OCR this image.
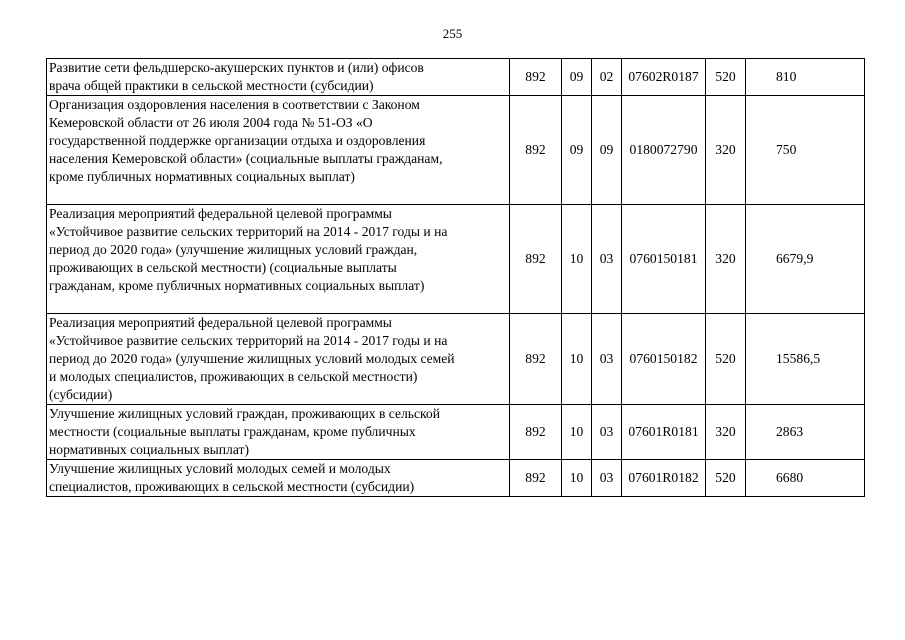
255
Развитие сети фельдшерско-акушерских пунктов и (или) офисов
врача общей практики в сельской местности (субсидии)	892	09	02	07602R0187	520	810

Организация оздоровления населения в соответствии с Законом
Кемеровской области от 26 июля 2004 года № 51-ОЗ «О
государственной поддержке организации отдыха и оздоровления
населения Кемеровской области» (социальные выплаты гражданам,
кроме публичных нормативных социальных выплат)	892	09	09	0180072790	320	750

Реализация мероприятий федеральной целевой программы
«Устойчивое развитие сельских территорий на 2014 - 2017 годы и на
период до 2020 года» (улучшение жилищных условий граждан,
проживающих в сельской местности) (социальные выплаты
гражданам, кроме публичных нормативных социальных выплат)	892	10	03	0760150181	320	6679,9

Реализация мероприятий федеральной целевой программы
«Устойчивое развитие сельских территорий на 2014 - 2017 годы и на
период до 2020 года» (улучшение жилищных условий молодых семей
и молодых специалистов, проживающих в сельской местности)
(субсидии)	892	10	03	0760150182	520	15586,5

Улучшение жилищных условий граждан, проживающих в сельской
местности (социальные выплаты гражданам, кроме публичных
нормативных социальных выплат)	892	10	03	07601R0181	320	2863

Улучшение жилищных условий молодых семей и молодых
специалистов, проживающих в сельской местности (субсидии)	892	10	03	07601R0182	520	6680
